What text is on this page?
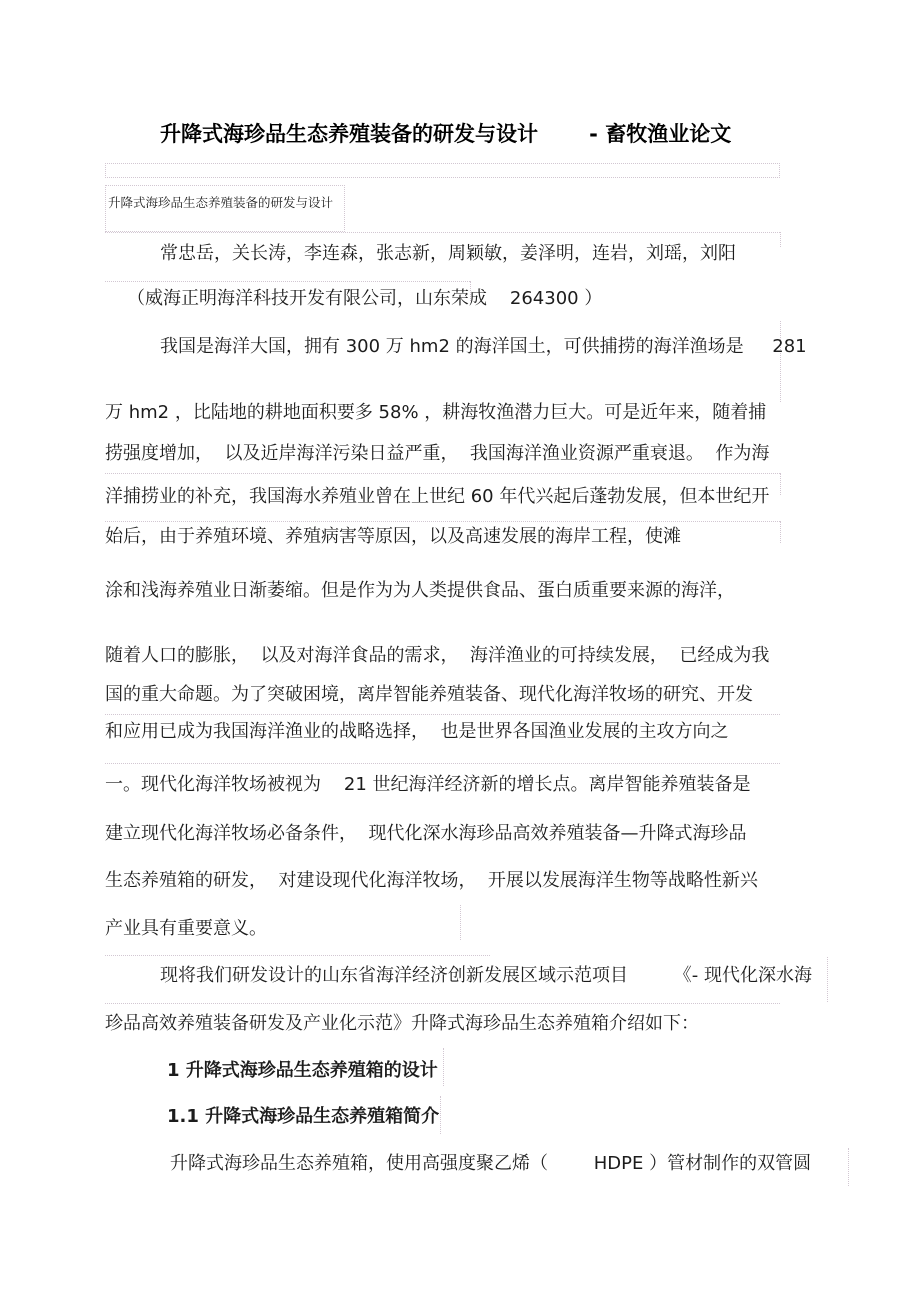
升降式海珍品生态养殖装备的研发与设计       - 畜牧渔业论文
升降式海珍品生态养殖装备的研发与设计
常忠岳，关长涛，李连森，张志新，周颖敏，姜泽明，连岩，刘瑶，刘阳
（威海正明海洋科技开发有限公司，山东荣成    264300 ）
我国是海洋大国，拥有 300 万 hm2 的海洋国土，可供捕捞的海洋渔场是     281
万 hm2 ，比陆地的耕地面积要多 58% ，耕海牧渔潜力巨大。可是近年来，随着捕
捞强度增加，  以及近岸海洋污染日益严重，  我国海洋渔业资源严重衰退。  作为海
洋捕捞业的补充，我国海水养殖业曾在上世纪 60 年代兴起后蓬勃发展，但本世纪开
始后，由于养殖环境、养殖病害等原因，以及高速发展的海岸工程，使滩
涂和浅海养殖业日渐萎缩。但是作为为人类提供食品、蛋白质重要来源的海洋，
随着人口的膨胀，  以及对海洋食品的需求，  海洋渔业的可持续发展，  已经成为我
国的重大命题。为了突破困境，离岸智能养殖装备、现代化海洋牧场的研究、开发
和应用已成为我国海洋渔业的战略选择，  也是世界各国渔业发展的主攻方向之
一。现代化海洋牧场被视为    21 世纪海洋经济新的增长点。离岸智能养殖装备是
建立现代化海洋牧场必备条件，  现代化深水海珍品高效养殖装备—升降式海珍品
生态养殖箱的研发，  对建设现代化海洋牧场，  开展以发展海洋生物等战略性新兴
产业具有重要意义。
现将我们研发设计的山东省海洋经济创新发展区域示范项目        《- 现代化深水海
珍品高效养殖装备研发及产业化示范》升降式海珍品生态养殖箱介绍如下：
1 升降式海珍品生态养殖箱的设计
1.1 升降式海珍品生态养殖箱简介
升降式海珍品生态养殖箱，使用高强度聚乙烯（        HDPE ）管材制作的双管圆
